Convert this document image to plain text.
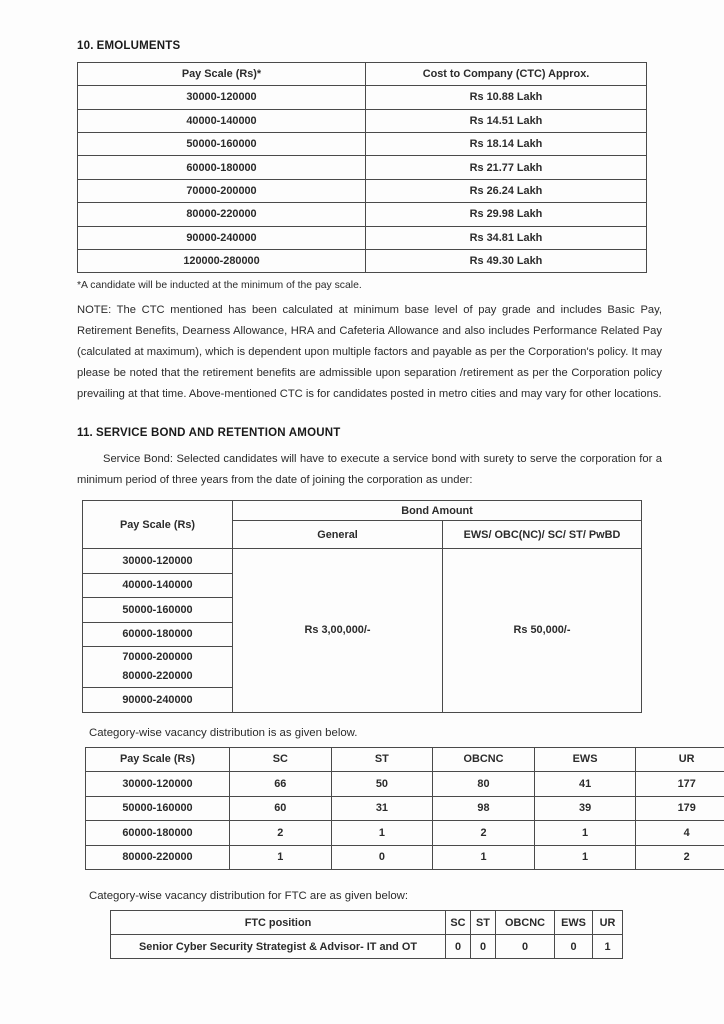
10. EMOLUMENTS
Pay Scale (Rs)*	Cost to Company (CTC) Approx.
30000-120000	Rs 10.88 Lakh
40000-140000	Rs 14.51 Lakh
50000-160000	Rs 18.14 Lakh
60000-180000	Rs 21.77 Lakh
70000-200000	Rs 26.24 Lakh
80000-220000	Rs 29.98 Lakh
90000-240000	Rs 34.81 Lakh
120000-280000	Rs 49.30 Lakh

*A candidate will be inducted at the minimum of the pay scale.

NOTE: The CTC mentioned has been calculated at minimum base level of pay grade and includes Basic Pay, Retirement Benefits, Dearness Allowance, HRA and Cafeteria Allowance and also includes Performance Related Pay (calculated at maximum), which is dependent upon multiple factors and payable as per the Corporation's policy. It may please be noted that the retirement benefits are admissible upon separation /retirement as per the Corporation policy prevailing at that time. Above-mentioned CTC is for candidates posted in metro cities and may vary for other locations.

11. SERVICE BOND AND RETENTION AMOUNT

Service Bond: Selected candidates will have to execute a service bond with surety to serve the corporation for a minimum period of three years from the date of joining the corporation as under:

Pay Scale (Rs)	Bond Amount	
	General	EWS/ OBC(NC)/ SC/ ST/ PwBD
30000-120000	Rs 3,00,000/-	Rs 50,000/-
40000-140000		
50000-160000		
60000-180000		
70000-200000
80000-220000		
90000-240000		

Category-wise vacancy distribution is as given below.

Pay Scale (Rs)	SC	ST	OBCNC	EWS	UR
30000-120000	66	50	80	41	177
50000-160000	60	31	98	39	179
60000-180000	2	1	2	1	4
80000-220000	1	0	1	1	2

Category-wise vacancy distribution for FTC are as given below:

FTC position	SC	ST	OBCNC	EWS	UR
Senior Cyber Security Strategist & Advisor- IT and OT	0	0	0	0	1
